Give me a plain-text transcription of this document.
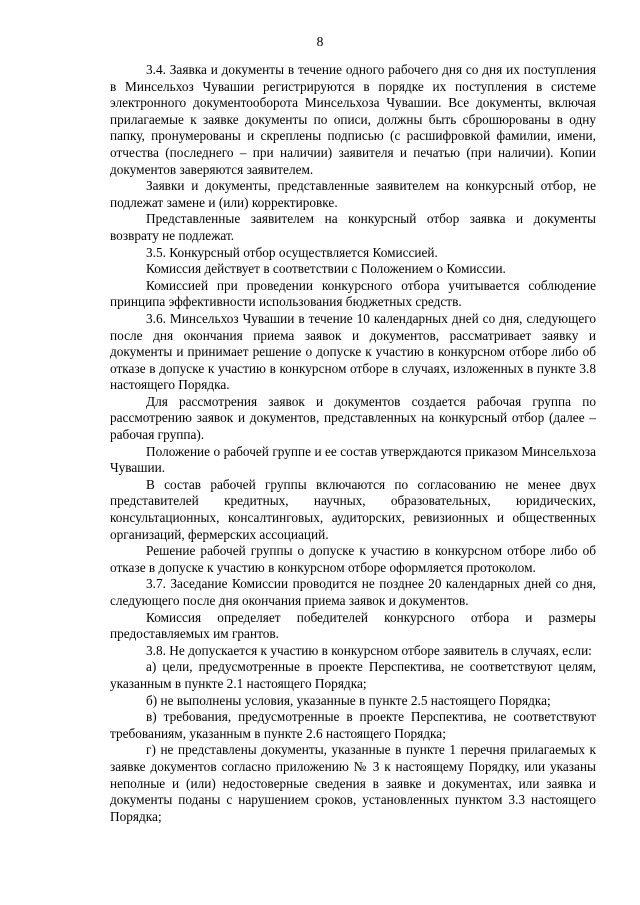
8

3.4. Заявка и документы в течение одного рабочего дня со дня их поступления в Минсельхоз Чувашии регистрируются в порядке их поступления в системе электронного документооборота Минсельхоза Чувашии. Все документы, включая прилагаемые к заявке документы по описи, должны быть сброшюрованы в одну папку, пронумерованы и скреплены подписью (с расшифровкой фамилии, имени, отчества (последнего – при наличии) заявителя и печатью (при наличии). Копии документов заверяются заявителем.

Заявки и документы, представленные заявителем на конкурсный отбор, не подлежат замене и (или) корректировке.

Представленные заявителем на конкурсный отбор заявка и документы возврату не подлежат.

3.5. Конкурсный отбор осуществляется Комиссией.

Комиссия действует в соответствии с Положением о Комиссии.

Комиссией при проведении конкурсного отбора учитывается соблюдение принципа эффективности использования бюджетных средств.

3.6. Минсельхоз Чувашии в течение 10 календарных дней со дня, следующего после дня окончания приема заявок и документов, рассматривает заявку и документы и принимает решение о допуске к участию в конкурсном отборе либо об отказе в допуске к участию в конкурсном отборе в случаях, изложенных в пункте 3.8 настоящего Порядка.

Для рассмотрения заявок и документов создается рабочая группа по рассмотрению заявок и документов, представленных на конкурсный отбор (далее – рабочая группа).

Положение о рабочей группе и ее состав утверждаются приказом Минсельхоза Чувашии.

В состав рабочей группы включаются по согласованию не менее двух представителей кредитных, научных, образовательных, юридических, консультационных, консалтинговых, аудиторских, ревизионных и общественных организаций, фермерских ассоциаций.

Решение рабочей группы о допуске к участию в конкурсном отборе либо об отказе в допуске к участию в конкурсном отборе оформляется протоколом.

3.7. Заседание Комиссии проводится не позднее 20 календарных дней со дня, следующего после дня окончания приема заявок и документов.

Комиссия определяет победителей конкурсного отбора и размеры предоставляемых им грантов.

3.8. Не допускается к участию в конкурсном отборе заявитель в случаях, если:

а) цели, предусмотренные в проекте Перспектива, не соответствуют целям, указанным в пункте 2.1 настоящего Порядка;

б) не выполнены условия, указанные в пункте 2.5 настоящего Порядка;

в) требования, предусмотренные в проекте Перспектива, не соответствуют требованиям, указанным в пункте 2.6 настоящего Порядка;

г) не представлены документы, указанные в пункте 1 перечня прилагаемых к заявке документов согласно приложению № 3 к настоящему Порядку, или указаны неполные и (или) недостоверные сведения в заявке и документах, или заявка и документы поданы с нарушением сроков, установленных пунктом 3.3 настоящего Порядка;
